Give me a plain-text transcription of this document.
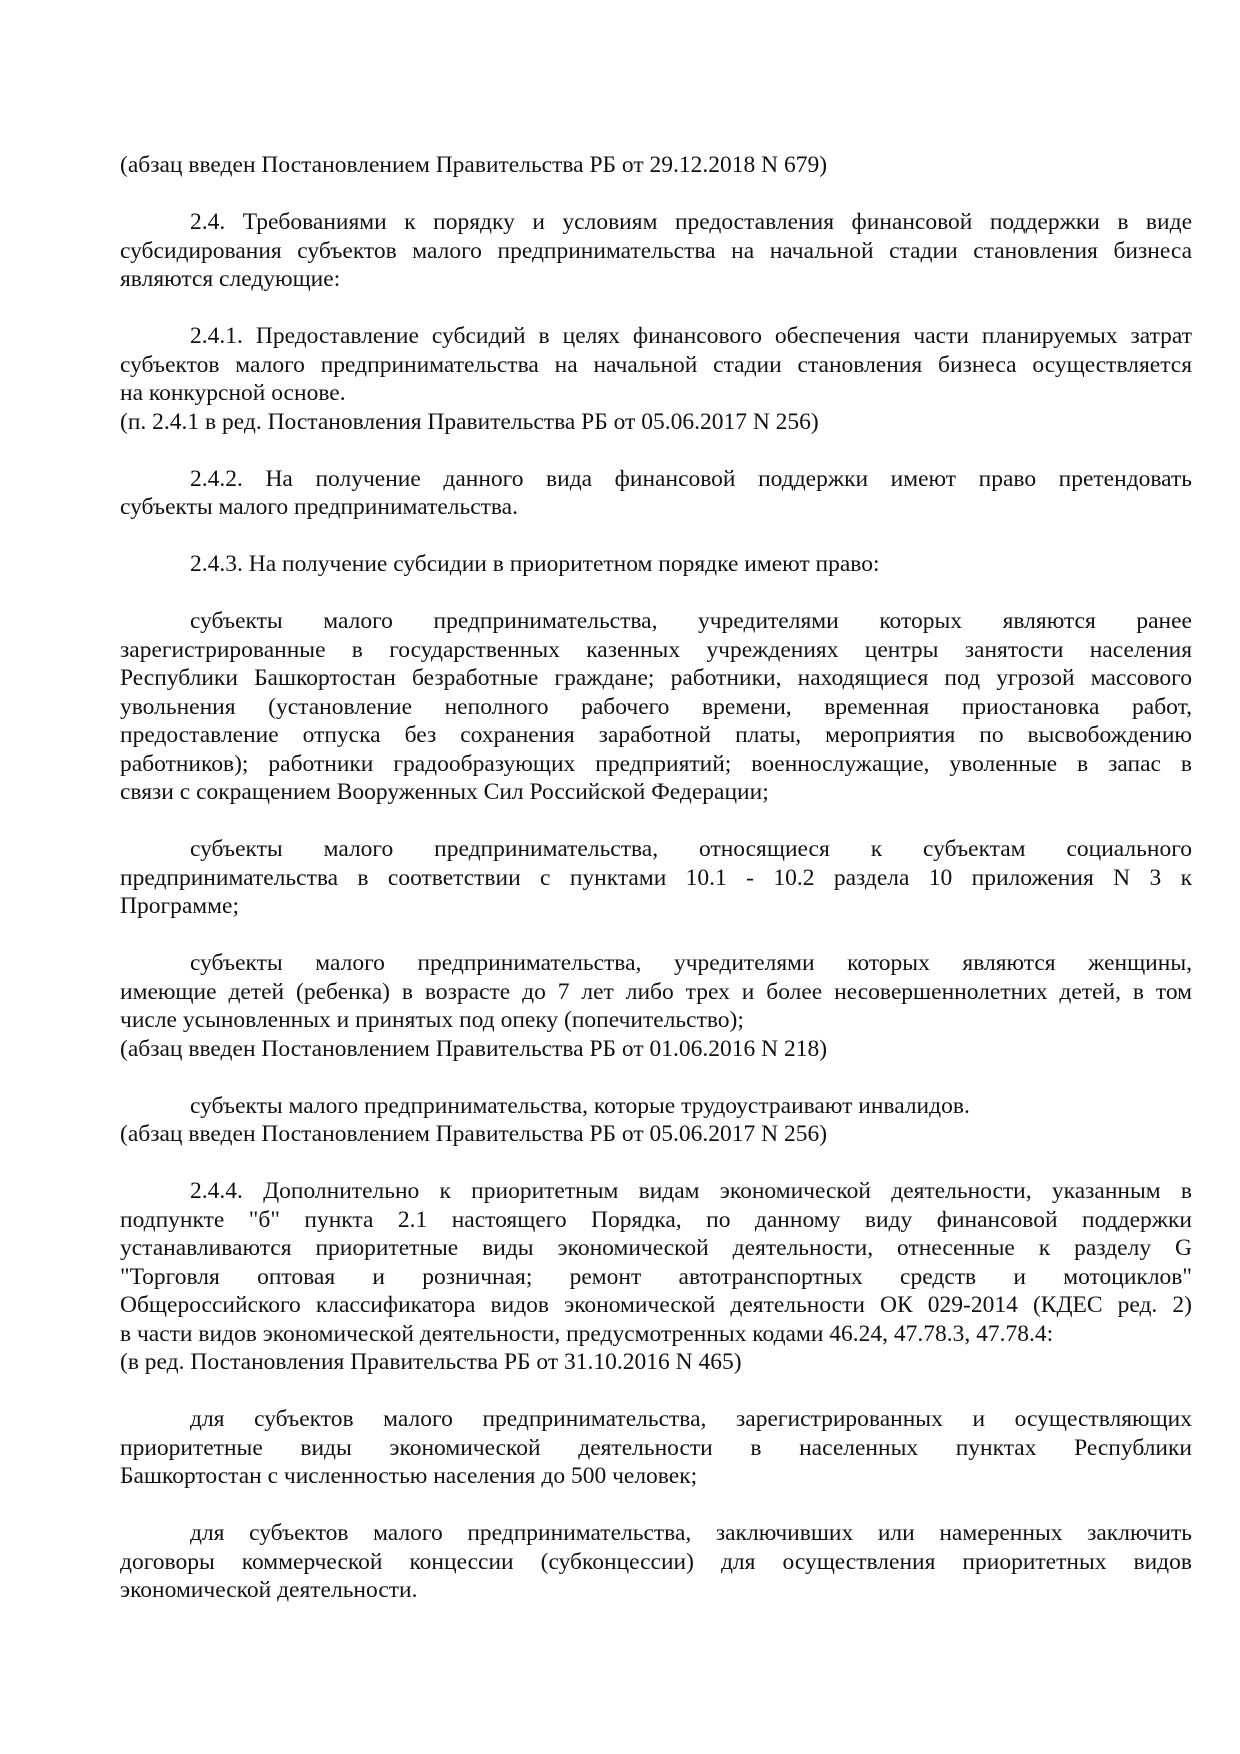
(абзац введен Постановлением Правительства РБ от 29.12.2018 N 679)
2.4. Требованиями к порядку и условиям предоставления финансовой поддержки в виде
субсидирования субъектов малого предпринимательства на начальной стадии становления бизнеса
являются следующие:
2.4.1. Предоставление субсидий в целях финансового обеспечения части планируемых затрат
субъектов малого предпринимательства на начальной стадии становления бизнеса осуществляется
на конкурсной основе.
(п. 2.4.1 в ред. Постановления Правительства РБ от 05.06.2017 N 256)
2.4.2. На получение данного вида финансовой поддержки имеют право претендовать
субъекты малого предпринимательства.
2.4.3. На получение субсидии в приоритетном порядке имеют право:
субъекты малого предпринимательства, учредителями которых являются ранее
зарегистрированные в государственных казенных учреждениях центры занятости населения
Республики Башкортостан безработные граждане; работники, находящиеся под угрозой массового
увольнения (установление неполного рабочего времени, временная приостановка работ,
предоставление отпуска без сохранения заработной платы, мероприятия по высвобождению
работников); работники градообразующих предприятий; военнослужащие, уволенные в запас в
связи с сокращением Вооруженных Сил Российской Федерации;
субъекты малого предпринимательства, относящиеся к субъектам социального
предпринимательства в соответствии с пунктами 10.1 - 10.2 раздела 10 приложения N 3 к
Программе;
субъекты малого предпринимательства, учредителями которых являются женщины,
имеющие детей (ребенка) в возрасте до 7 лет либо трех и более несовершеннолетних детей, в том
числе усыновленных и принятых под опеку (попечительство);
(абзац введен Постановлением Правительства РБ от 01.06.2016 N 218)
субъекты малого предпринимательства, которые трудоустраивают инвалидов.
(абзац введен Постановлением Правительства РБ от 05.06.2017 N 256)
2.4.4. Дополнительно к приоритетным видам экономической деятельности, указанным в
подпункте "б" пункта 2.1 настоящего Порядка, по данному виду финансовой поддержки
устанавливаются приоритетные виды экономической деятельности, отнесенные к разделу G
"Торговля оптовая и розничная; ремонт автотранспортных средств и мотоциклов"
Общероссийского классификатора видов экономической деятельности ОК 029-2014 (КДЕС ред. 2)
в части видов экономической деятельности, предусмотренных кодами 46.24, 47.78.3, 47.78.4:
(в ред. Постановления Правительства РБ от 31.10.2016 N 465)
для субъектов малого предпринимательства, зарегистрированных и осуществляющих
приоритетные виды экономической деятельности в населенных пунктах Республики
Башкортостан с численностью населения до 500 человек;
для субъектов малого предпринимательства, заключивших или намеренных заключить
договоры коммерческой концессии (субконцессии) для осуществления приоритетных видов
экономической деятельности.
